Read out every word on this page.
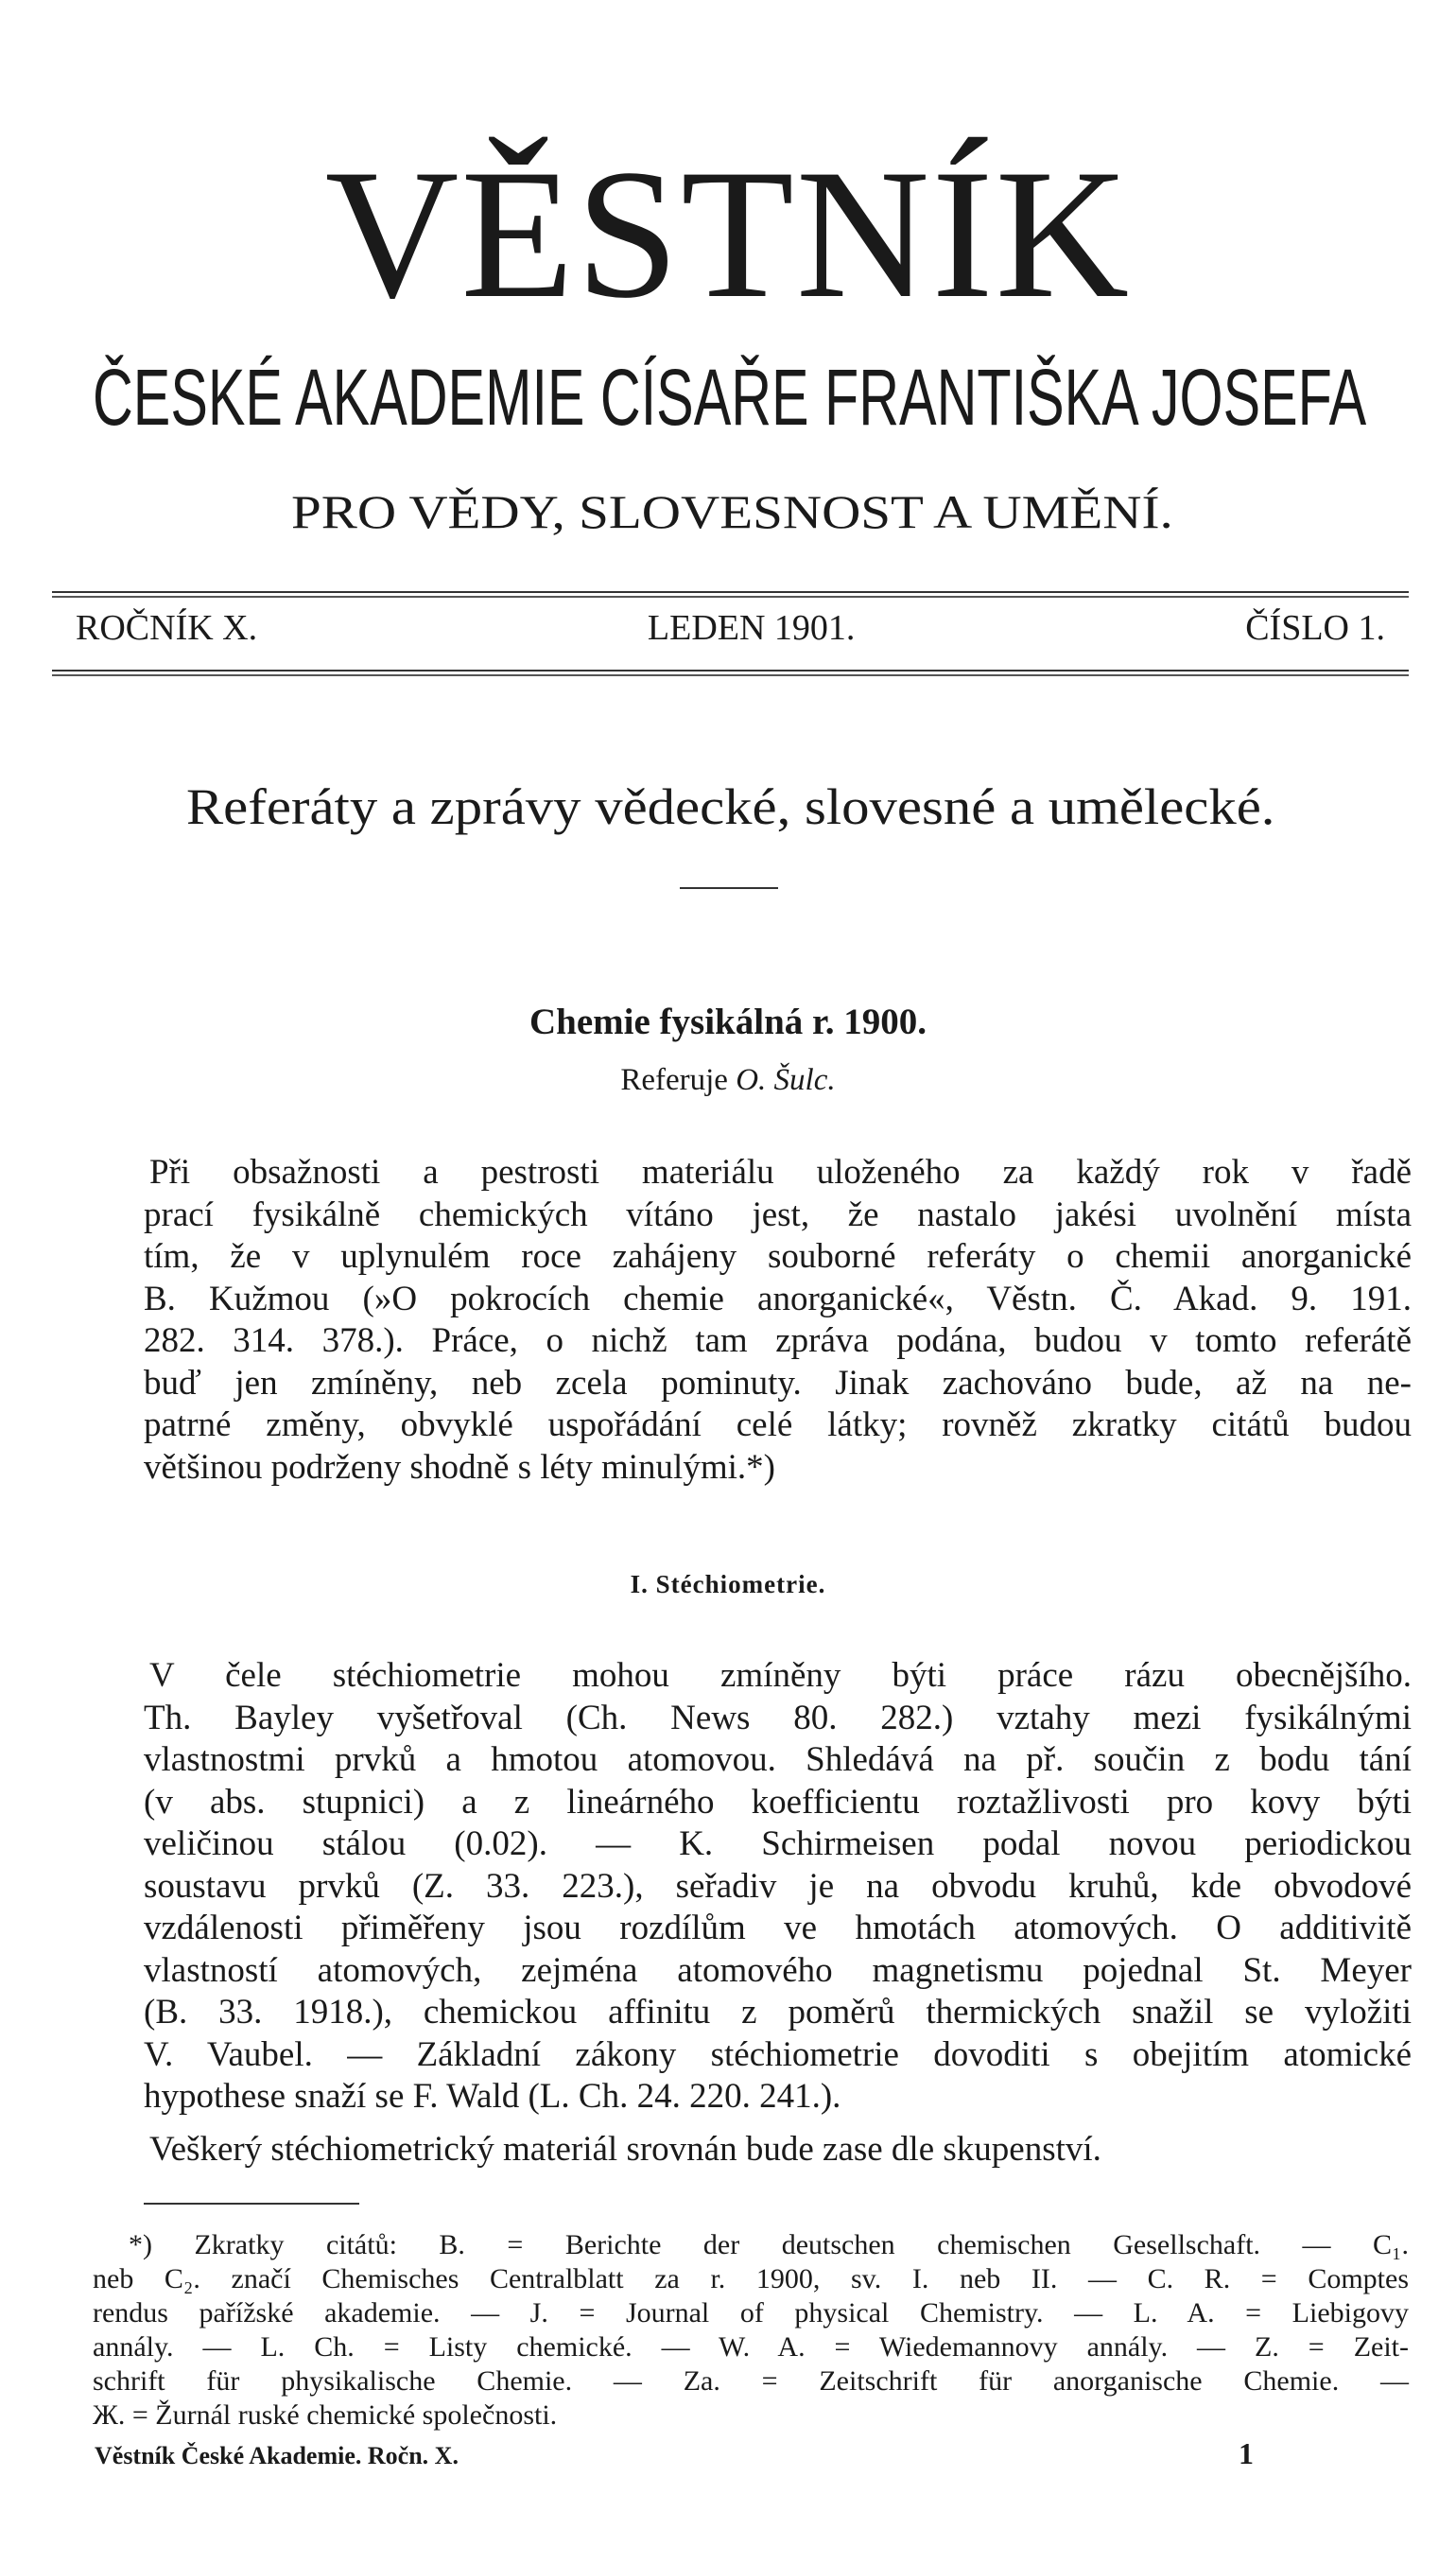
VĚSTNÍK
ČESKÉ AKADEMIE CÍSAŘE FRANTIŠKA JOSEFA
PRO VĚDY, SLOVESNOST A UMĚNÍ.
ROČNÍK X.	LEDEN 1901.	ČÍSLO 1.
Referáty a zprávy vědecké, slovesné a umělecké.
Chemie fysikálná r. 1900.
Referuje O. Šulc.
Při obsažnosti a pestrosti materiálu uloženého za každý rok v řadě
prací fysikálně chemických vítáno jest, že nastalo jakési uvolnění místa
tím, že v uplynulém roce zahájeny souborné referáty o chemii anorganické
B. Kužmou (»O pokrocích chemie anorganické«, Věstn. Č. Akad. 9. 191.
282. 314. 378.). Práce, o nichž tam zpráva podána, budou v tomto referátě
buď jen zmíněny, neb zcela pominuty. Jinak zachováno bude, až na ne-
patrné změny, obvyklé uspořádání celé látky; rovněž zkratky citátů budou
většinou podrženy shodně s léty minulými.*)
I. Stéchiometrie.
V čele stéchiometrie mohou zmíněny býti práce rázu obecnějšího.
Th. Bayley vyšetřoval (Ch. News 80. 282.) vztahy mezi fysikálnými
vlastnostmi prvků a hmotou atomovou. Shledává na př. součin z bodu tání
(v abs. stupnici) a z lineárného koefficientu roztažlivosti pro kovy býti
veličinou stálou (0.02). — K. Schirmeisen podal novou periodickou
soustavu prvků (Z. 33. 223.), seřadiv je na obvodu kruhů, kde obvodové
vzdálenosti přiměřeny jsou rozdílům ve hmotách atomových. O additivitě
vlastností atomových, zejména atomového magnetismu pojednal St. Meyer
(B. 33. 1918.), chemickou affinitu z poměrů thermických snažil se vyložiti
V. Vaubel. — Základní zákony stéchiometrie dovoditi s obejitím atomické
hypothese snaží se F. Wald (L. Ch. 24. 220. 241.).
Veškerý stéchiometrický materiál srovnán bude zase dle skupenství.
*) Zkratky citátů: B. = Berichte der deutschen chemischen Gesellschaft. — C₁.
neb C₂. značí Chemisches Centralblatt za r. 1900, sv. I. neb II. — C. R. = Comptes
rendus pařížské akademie. — J. = Journal of physical Chemistry. — L. A. = Liebigovy
annály. — L. Ch. = Listy chemické. — W. A. = Wiedemannovy annály. — Z. = Zeit-
schrift für physikalische Chemie. — Za. = Zeitschrift für anorganische Chemie. —
Ж. = Žurnál ruské chemické společnosti.
Věstník České Akademie. Ročn. X.	1
